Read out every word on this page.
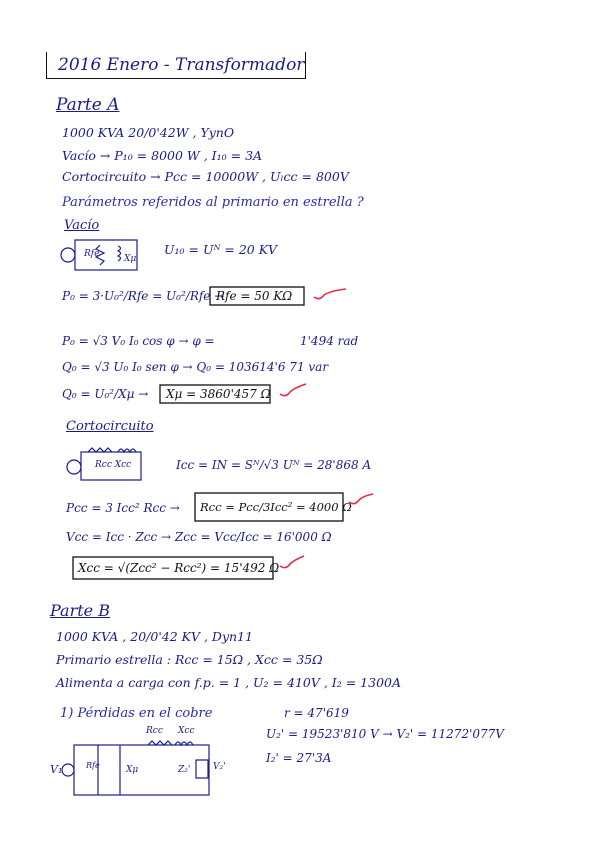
2016 Enero - Transformador
Parte A
1000 KVA 20/0'42W , YynO
Vacío → P₁₀ = 8000 W , I₁₀ = 3A
Cortocircuito → Pcc = 10000W , Uₗcc = 800V
Parámetros referidos al primario en estrella ?
Vacío
Rfe	Xμ
U₁₀ = Uᴺ = 20 KV
P₀ = 3·U₀²/Rfe = U₀²/Rfe →
Rfe = 50 KΩ
P₀ = √3 V₀ I₀ cos φ → φ =	1'494 rad
Q₀ = √3 U₀ I₀ sen φ → Q₀ = 103614'6 71 var
Q₀ = U₀²/Xμ → Xμ = 3860'457 Ω
Cortocircuito
Rcc Xcc	Icc = IN = Sᴺ/√3 Uᴺ = 28'868 A
Pcc = 3 Icc² Rcc → Rcc = Pcc/3Icc² = 4000 Ω
Vcc = Icc · Zcc → Zcc = Vcc/Icc = 16'000 Ω
Xcc = √(Zcc² − Rcc²) = 15'492 Ω
Parte B
1000 KVA , 20/0'42 KV , Dyn11
Primario estrella : Rcc = 15Ω , Xcc = 35Ω
Alimenta a carga con f.p. = 1 , U₂ = 410V , I₂ = 1300A
1) Pérdidas en el cobre	r = 47'619
U₂' = 19523'810 V → V₂' = 11272'077V
I₂' = 27'3A
Rcc Xcc
Rfe	Xμ	Z₂'	V₂'
V₁
